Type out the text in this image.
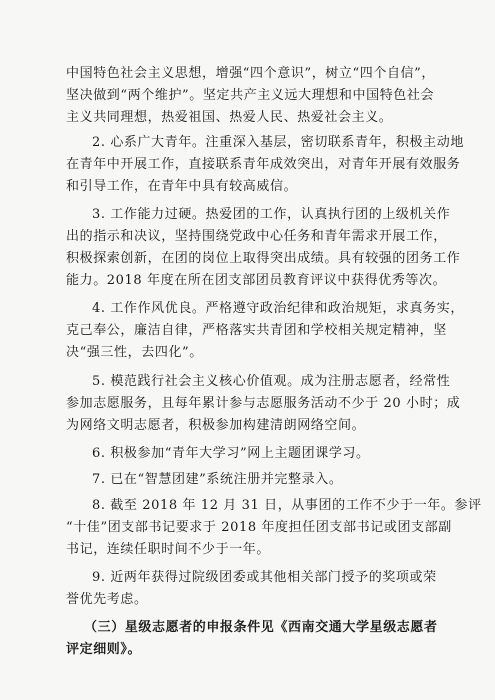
中国特色社会主义思想，增强“四个意识”，树立“四个自信”，
坚决做到“两个维护”。坚定共产主义远大理想和中国特色社会
主义共同理想，热爱祖国、热爱人民、热爱社会主义。
2. 心系广大青年。注重深入基层，密切联系青年，积极主动地
在青年中开展工作，直接联系青年成效突出，对青年开展有效服务
和引导工作，在青年中具有较高威信。
3. 工作能力过硬。热爱团的工作，认真执行团的上级机关作
出的指示和决议，坚持围绕党政中心任务和青年需求开展工作，
积极探索创新，在团的岗位上取得突出成绩。具有较强的团务工作
能力。2018 年度在所在团支部团员教育评议中获得优秀等次。
4. 工作作风优良。严格遵守政治纪律和政治规矩，求真务实，
克己奉公，廉洁自律，严格落实共青团和学校相关规定精神，坚
决“强三性，去四化”。
5. 模范践行社会主义核心价值观。成为注册志愿者，经常性
参加志愿服务，且每年累计参与志愿服务活动不少于 20 小时；成
为网络文明志愿者，积极参加构建清朗网络空间。
6. 积极参加“青年大学习”网上主题团课学习。
7. 已在“智慧团建”系统注册并完整录入。
8. 截至 2018 年 12 月 31 日，从事团的工作不少于一年。参评
“十佳”团支部书记要求于 2018 年度担任团支部书记或团支部副
书记，连续任职时间不少于一年。
9. 近两年获得过院级团委或其他相关部门授予的奖项或荣
誉优先考虑。
（三）星级志愿者的申报条件见《西南交通大学星级志愿者
评定细则》。
